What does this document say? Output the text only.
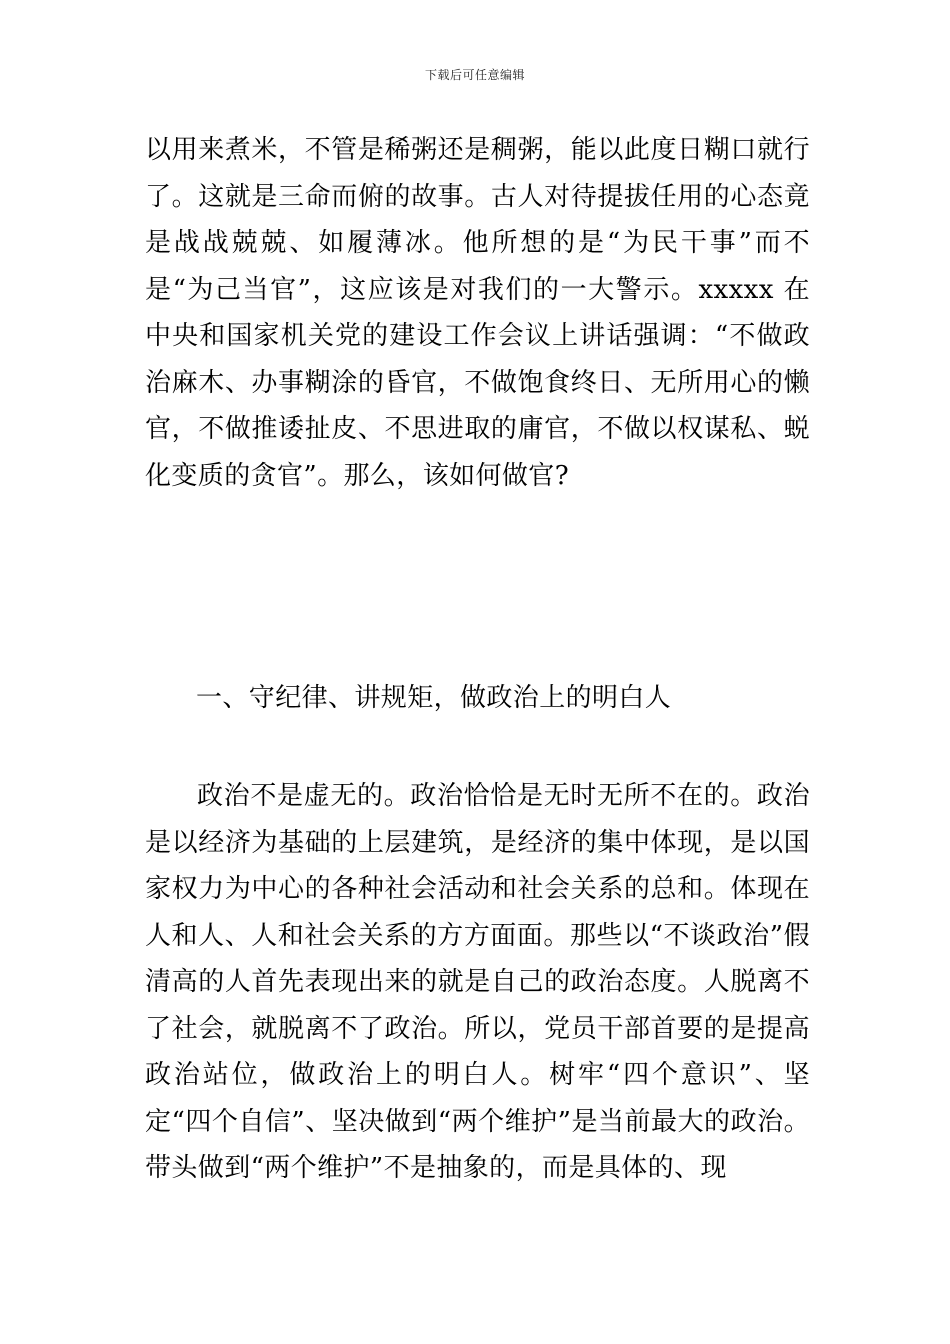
下载后可任意编辑
以用来煮米，不管是稀粥还是稠粥，能以此度日糊口就行了。这就是三命而俯的故事。古人对待提拔任用的心态竟是战战兢兢、如履薄冰。他所想的是“为民干事”而不是“为己当官”，这应该是对我们的一大警示。xxxxx 在中央和国家机关党的建设工作会议上讲话强调：“不做政治麻木、办事糊涂的昏官，不做饱食终日、无所用心的懒官，不做推诿扯皮、不思进取的庸官，不做以权谋私、蜕化变质的贪官”。那么，该如何做官?
一、守纪律、讲规矩，做政治上的明白人
政治不是虚无的。政治恰恰是无时无所不在的。政治是以经济为基础的上层建筑，是经济的集中体现，是以国家权力为中心的各种社会活动和社会关系的总和。体现在人和人、人和社会关系的方方面面。那些以“不谈政治”假清高的人首先表现出来的就是自己的政治态度。人脱离不了社会，就脱离不了政治。所以，党员干部首要的是提高政治站位，做政治上的明白人。树牢“四个意识”、坚定“四个自信”、坚决做到“两个维护”是当前最大的政治。带头做到“两个维护”不是抽象的，而是具体的、现
